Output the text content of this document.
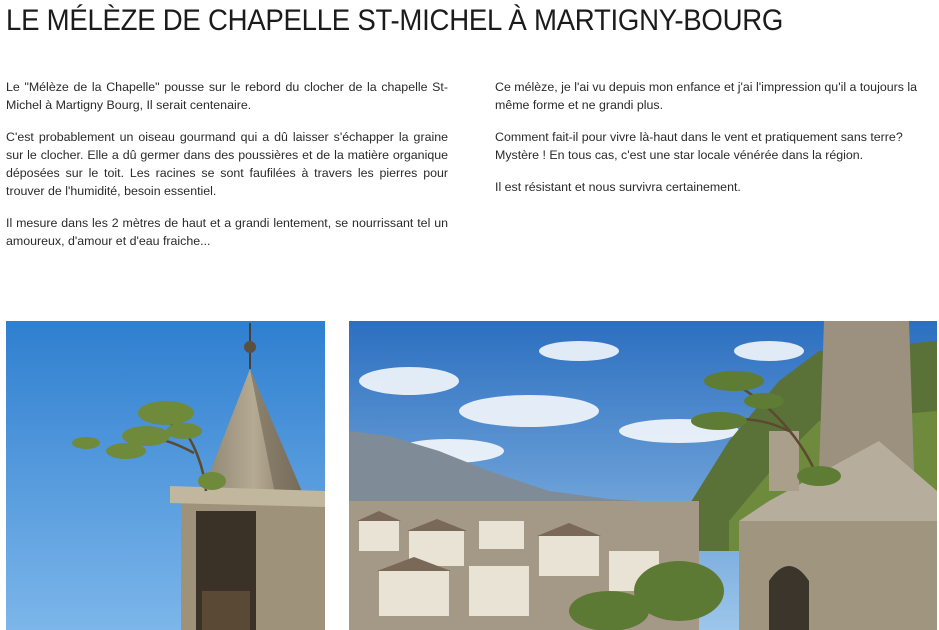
LE MÉLÈZE DE CHAPELLE ST-MICHEL À MARTIGNY-BOURG

Le "Mélèze de la Chapelle" pousse sur le rebord du clocher de la chapelle St-Michel à Martigny Bourg, Il serait centenaire.

C'est probablement un oiseau gourmand qui a dû laisser s'échapper la graine sur le clocher. Elle a dû germer dans des poussières et de la matière organique déposées sur le toit. Les racines se sont faufilées à travers les pierres pour trouver de l'humidité, besoin essentiel.

Il mesure dans les 2 mètres de haut et a grandi lentement, se nourrissant tel un amoureux, d'amour et d'eau fraiche...

Ce mélèze, je l'ai vu depuis mon enfance et j'ai l'impression qu'il a toujours la même forme et ne grandi plus.

Comment fait-il pour vivre là-haut dans le vent et pratiquement sans terre? Mystère ! En tous cas, c'est une star locale vénérée dans la région.

Il est résistant et nous survivra certainement.
